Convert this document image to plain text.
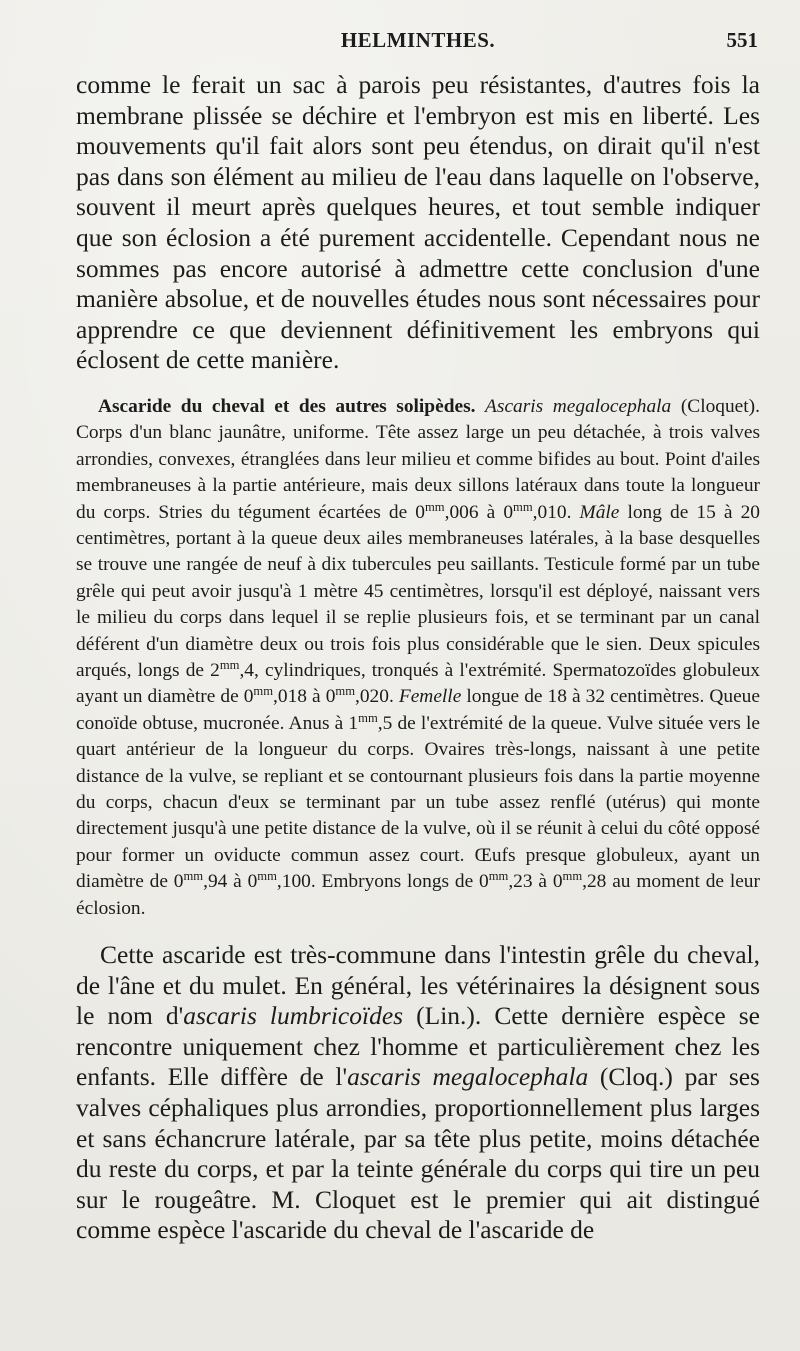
HELMINTHES.	551

comme le ferait un sac à parois peu résistantes, d'autres fois la membrane plissée se déchire et l'embryon est mis en liberté. Les mouvements qu'il fait alors sont peu étendus, on dirait qu'il n'est pas dans son élément au milieu de l'eau dans laquelle on l'observe, souvent il meurt après quelques heures, et tout semble indiquer que son éclosion a été purement accidentelle. Cependant nous ne sommes pas encore autorisé à admettre cette conclusion d'une manière absolue, et de nouvelles études nous sont nécessaires pour apprendre ce que deviennent définitivement les embryons qui éclosent de cette manière.

Ascaride du cheval et des autres solipèdes. Ascaris megalocephala (Cloquet). Corps d'un blanc jaunâtre, uniforme. Tête assez large un peu détachée, à trois valves arrondies, convexes, étranglées dans leur milieu et comme bifides au bout. Point d'ailes membraneuses à la partie antérieure, mais deux sillons latéraux dans toute la longueur du corps. Stries du tégument écartées de $0^{mm},006$ à $0^{mm},010$. Mâle long de 15 à 20 centimètres, portant à la queue deux ailes membraneuses latérales, à la base desquelles se trouve une rangée de neuf à dix tubercules peu saillants. Testicule formé par un tube grêle qui peut avoir jusqu'à 1 mètre 45 centimètres, lorsqu'il est déployé, naissant vers le milieu du corps dans lequel il se replie plusieurs fois, et se terminant par un canal déférent d'un diamètre deux ou trois fois plus considérable que le sien. Deux spicules arqués, longs de $2^{mm},4$, cylindriques, tronqués à l'extrémité. Spermatozoïdes globuleux ayant un diamètre de $0^{mm},018$ à $0^{mm},020$. Femelle longue de 18 à 32 centimètres. Queue conoïde obtuse, mucronée. Anus à $1^{mm},5$ de l'extrémité de la queue. Vulve située vers le quart antérieur de la longueur du corps. Ovaires très-longs, naissant à une petite distance de la vulve, se repliant et se contournant plusieurs fois dans la partie moyenne du corps, chacun d'eux se terminant par un tube assez renflé (utérus) qui monte directement jusqu'à une petite distance de la vulve, où il se réunit à celui du côté opposé pour former un oviducte commun assez court. Œufs presque globuleux, ayant un diamètre de $0^{mm},94$ à $0^{mm},100$. Embryons longs de $0^{mm},23$ à $0^{mm},28$ au moment de leur éclosion.

Cette ascaride est très-commune dans l'intestin grêle du cheval, de l'âne et du mulet. En général, les vétérinaires la désignent sous le nom d'ascaris lumbricoïdes (Lin.). Cette dernière espèce se rencontre uniquement chez l'homme et particulièrement chez les enfants. Elle diffère de l'ascaris megalocephala (Cloq.) par ses valves céphaliques plus arrondies, proportionnellement plus larges et sans échancrure latérale, par sa tête plus petite, moins détachée du reste du corps, et par la teinte générale du corps qui tire un peu sur le rougeâtre. M. Cloquet est le premier qui ait distingué comme espèce l'ascaride du cheval de l'ascaride de
